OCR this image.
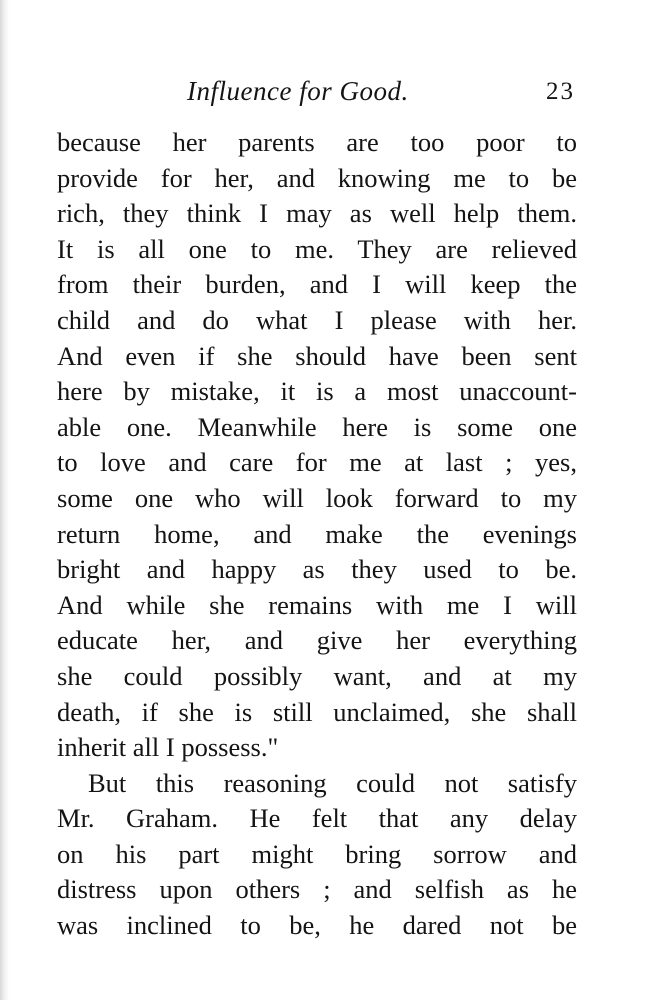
Influence for Good.	23
because her parents are too poor to
provide for her, and knowing me to be
rich, they think I may as well help them.
It is all one to me. They are relieved
from their burden, and I will keep the
child and do what I please with her.
And even if she should have been sent
here by mistake, it is a most unaccount-
able one. Meanwhile here is some one
to love and care for me at last ; yes,
some one who will look forward to my
return home, and make the evenings
bright and happy as they used to be.
And while she remains with me I will
educate her, and give her everything
she could possibly want, and at my
death, if she is still unclaimed, she shall
inherit all I possess."
But this reasoning could not satisfy
Mr. Graham. He felt that any delay
on his part might bring sorrow and
distress upon others ; and selfish as he
was inclined to be, he dared not be
